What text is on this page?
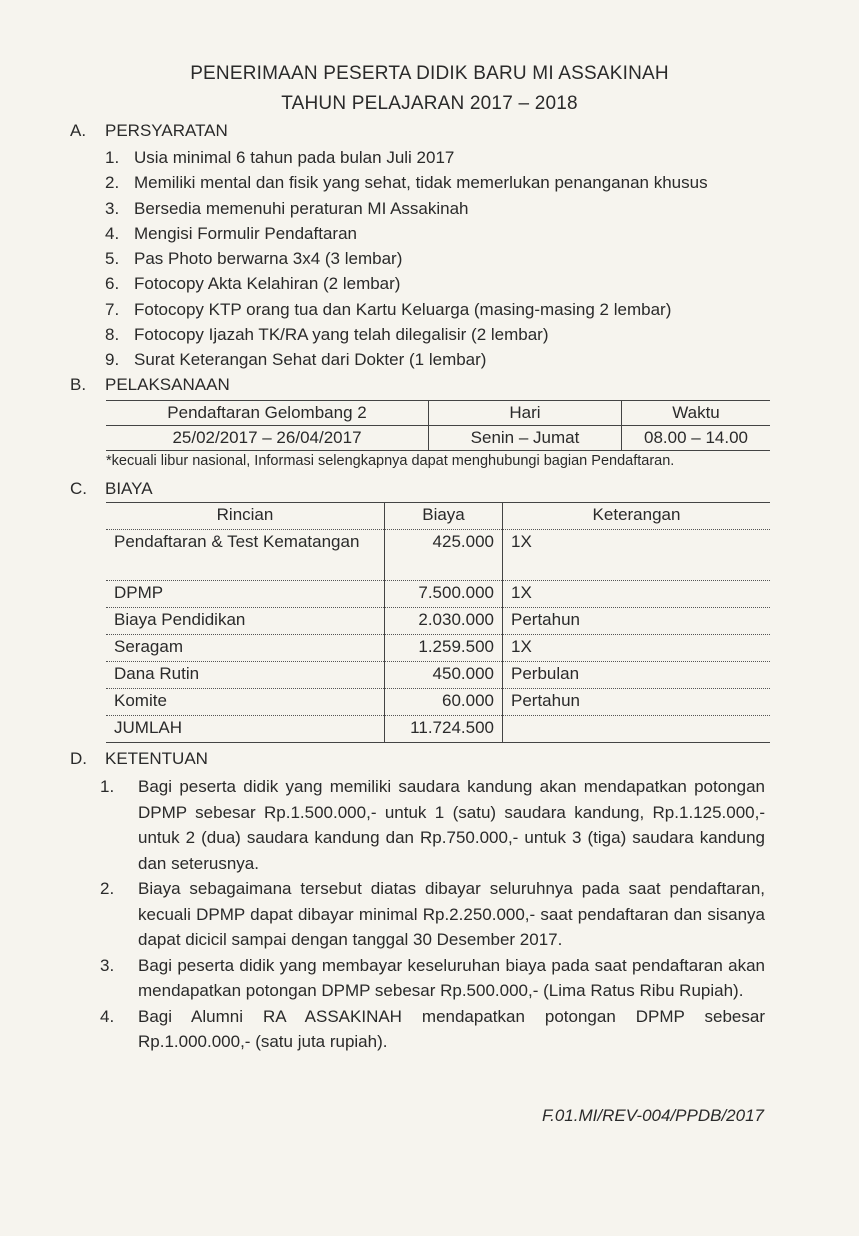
PENERIMAAN PESERTA DIDIK BARU MI ASSAKINAH
TAHUN PELAJARAN 2017 – 2018
A. PERSYARATAN
1. Usia minimal 6 tahun pada bulan Juli 2017
2. Memiliki mental dan fisik yang sehat, tidak memerlukan penanganan khusus
3. Bersedia memenuhi peraturan MI Assakinah
4. Mengisi Formulir Pendaftaran
5. Pas Photo berwarna 3x4 (3 lembar)
6. Fotocopy Akta Kelahiran (2 lembar)
7. Fotocopy KTP orang tua dan Kartu Keluarga (masing-masing 2 lembar)
8. Fotocopy Ijazah TK/RA yang telah dilegalisir (2 lembar)
9. Surat Keterangan Sehat dari Dokter (1 lembar)
B. PELAKSANAAN
Pendaftaran Gelombang 2	Hari	Waktu
25/02/2017 – 26/04/2017	Senin – Jumat	08.00 – 14.00
*kecuali libur nasional, Informasi selengkapnya dapat menghubungi bagian Pendaftaran.
C. BIAYA
Rincian	Biaya	Keterangan
Pendaftaran & Test Kematangan	425.000	1X
DPMP	7.500.000	1X
Biaya Pendidikan	2.030.000	Pertahun
Seragam	1.259.500	1X
Dana Rutin	450.000	Perbulan
Komite	60.000	Pertahun
JUMLAH	11.724.500	
D. KETENTUAN
1. Bagi peserta didik yang memiliki saudara kandung akan mendapatkan potongan DPMP sebesar Rp.1.500.000,- untuk 1 (satu) saudara kandung, Rp.1.125.000,- untuk 2 (dua) saudara kandung dan Rp.750.000,- untuk 3 (tiga) saudara kandung dan seterusnya.
2. Biaya sebagaimana tersebut diatas dibayar seluruhnya pada saat pendaftaran, kecuali DPMP dapat dibayar minimal Rp.2.250.000,- saat pendaftaran dan sisanya dapat dicicil sampai dengan tanggal 30 Desember 2017.
3. Bagi peserta didik yang membayar keseluruhan biaya pada saat pendaftaran akan mendapatkan potongan DPMP sebesar Rp.500.000,- (Lima Ratus Ribu Rupiah).
4. Bagi Alumni RA ASSAKINAH mendapatkan potongan DPMP sebesar Rp.1.000.000,- (satu juta rupiah).
F.01.MI/REV-004/PPDB/2017
